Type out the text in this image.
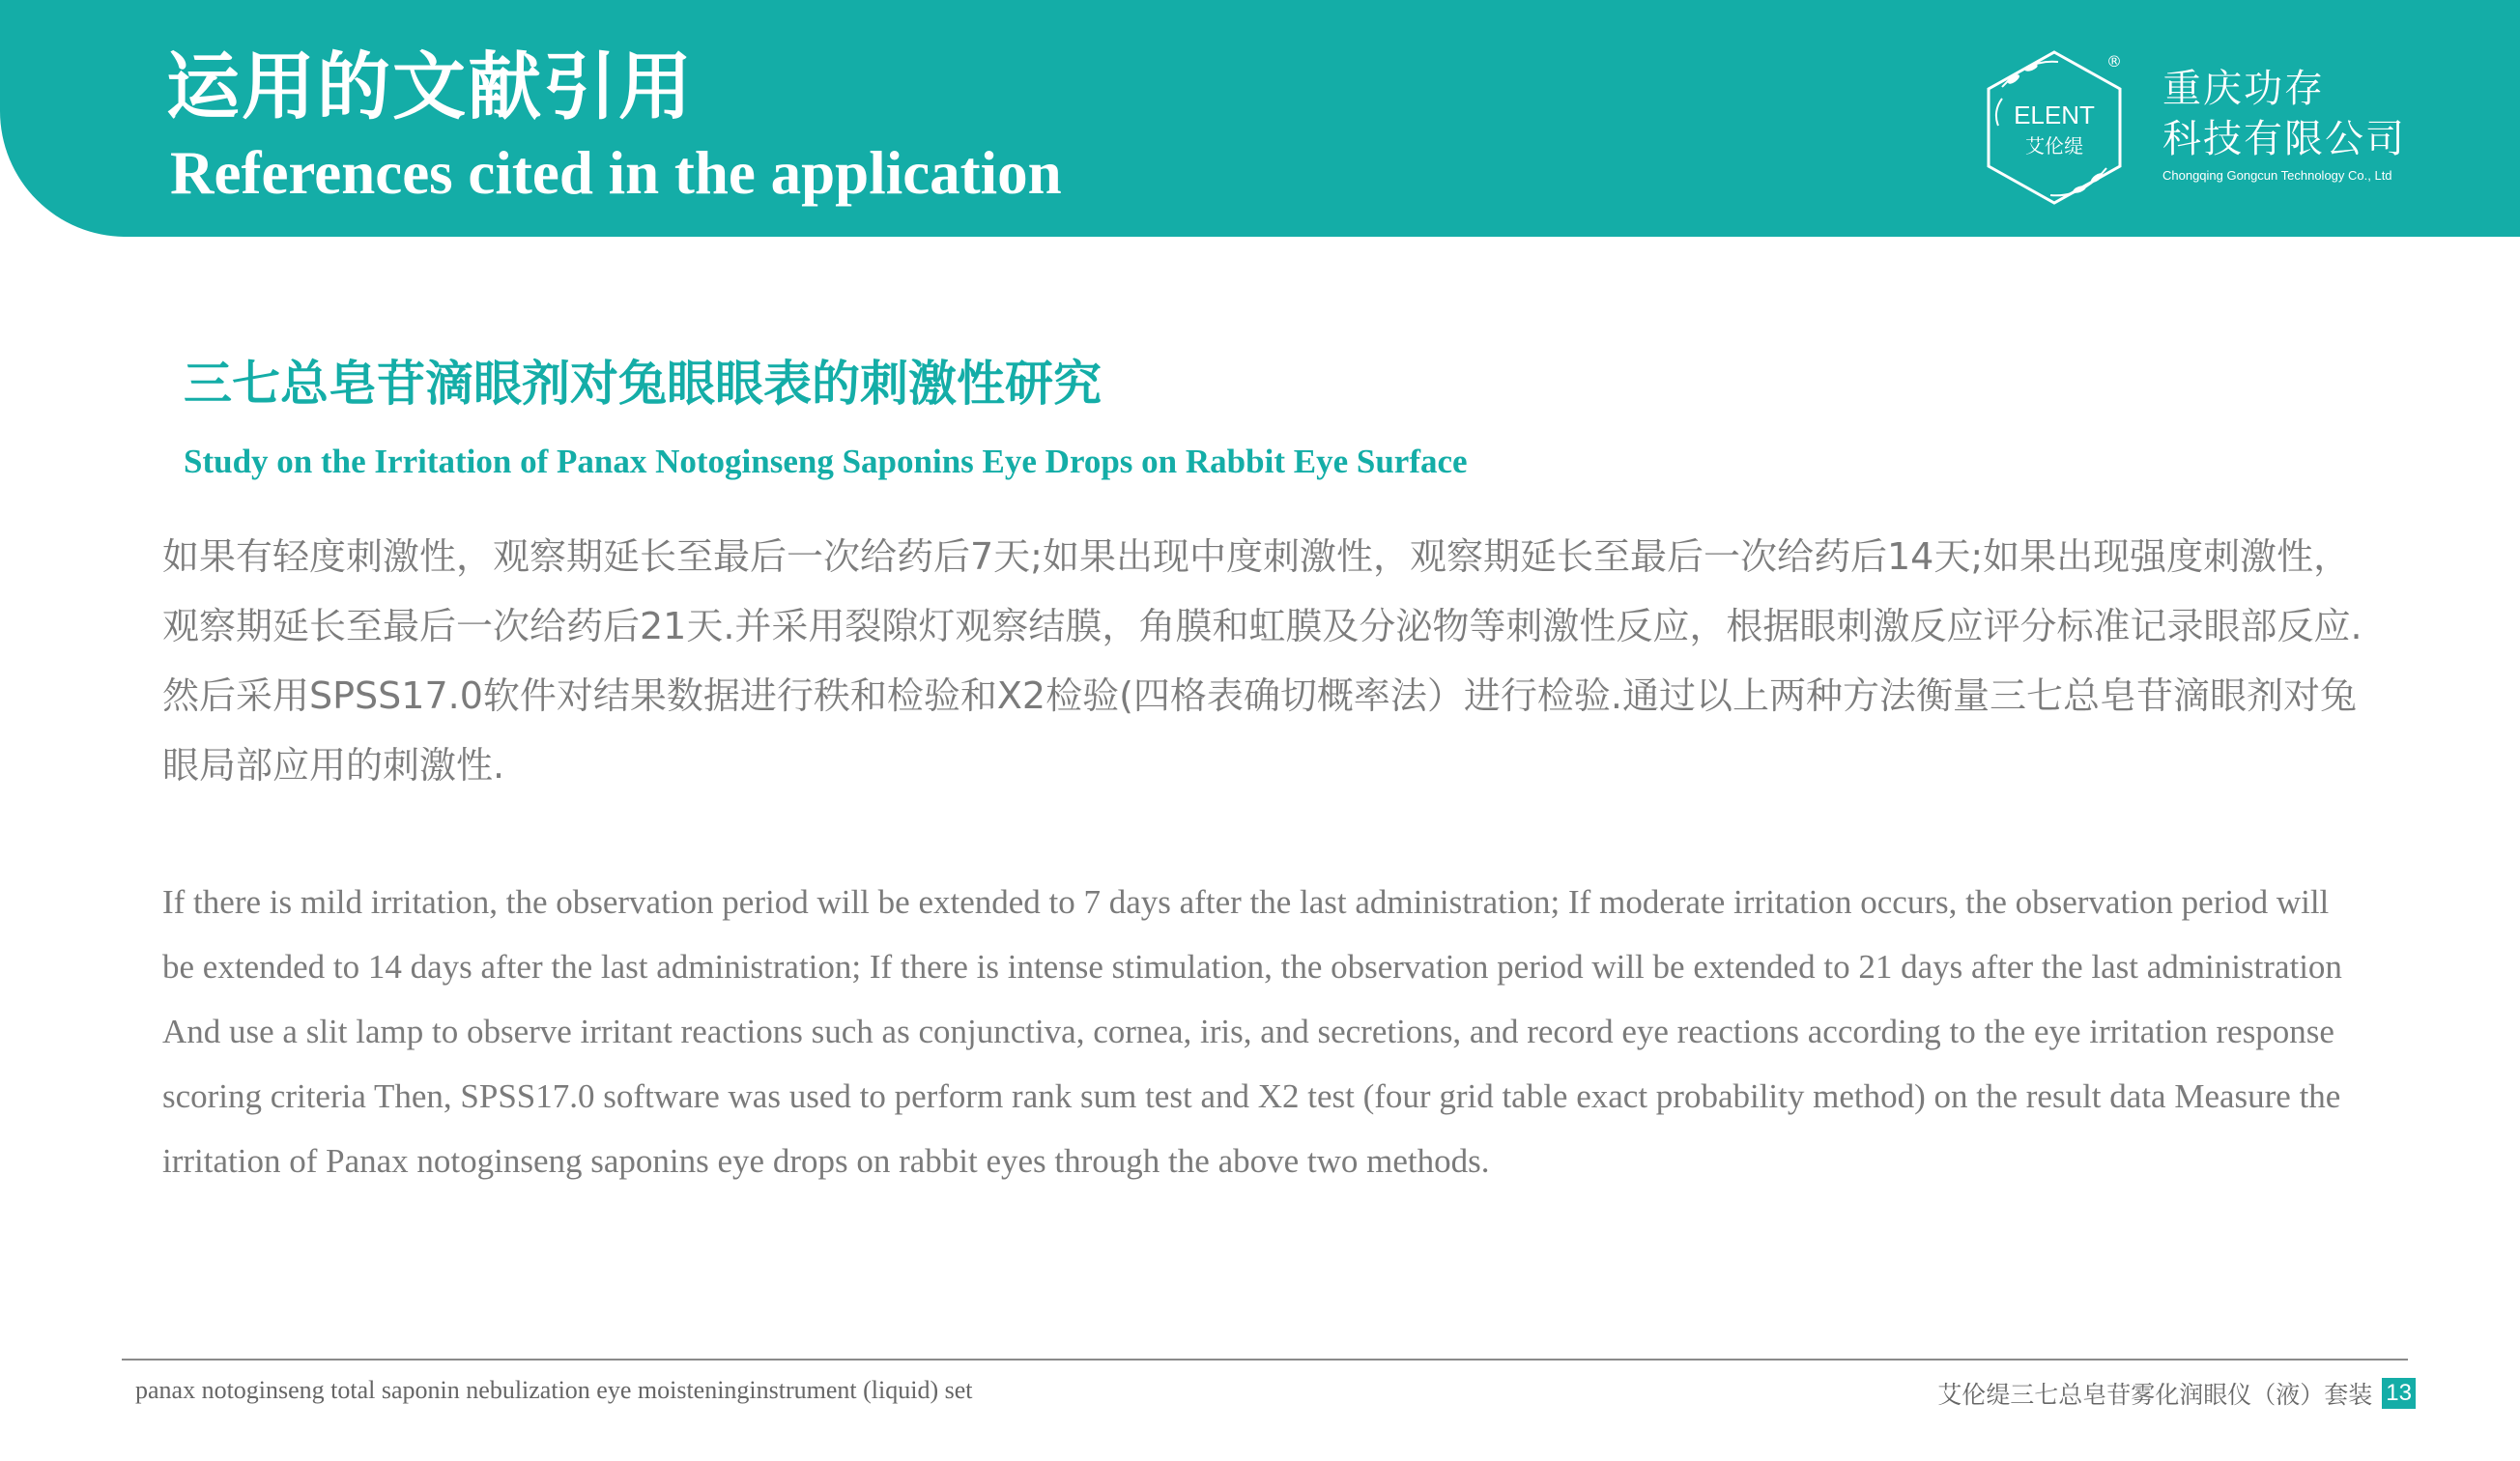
运用的文献引用
References cited in the application
ELENT
艾伦缇
®
重庆功存
科技有限公司
Chongqing Gongcun Technology Co., Ltd
三七总皂苷滴眼剂对兔眼眼表的刺激性研究
Study on the Irritation of Panax Notoginseng Saponins Eye Drops on Rabbit Eye Surface
如果有轻度刺激性，观察期延长至最后一次给药后7天;如果出现中度刺激性，观察期延长至最后一次给药后14天;如果出现强度刺激性，观察期延长至最后一次给药后21天.并采用裂隙灯观察结膜，角膜和虹膜及分泌物等刺激性反应，根据眼刺激反应评分标准记录眼部反应.然后采用SPSS17.0软件对结果数据进行秩和检验和X2检验(四格表确切概率法）进行检验.通过以上两种方法衡量三七总皂苷滴眼剂对兔眼局部应用的刺激性.
If there is mild irritation, the observation period will be extended to 7 days after the last administration; If moderate irritation occurs, the observation period will be extended to 14 days after the last administration; If there is intense stimulation, the observation period will be extended to 21 days after the last administration And use a slit lamp to observe irritant reactions such as conjunctiva, cornea, iris, and secretions, and record eye reactions according to the eye irritation response scoring criteria Then, SPSS17.0 software was used to perform rank sum test and X2 test (four grid table exact probability method) on the result data Measure the irritation of Panax notoginseng saponins eye drops on rabbit eyes through the above two methods.
panax notoginseng total saponin nebulization eye moisteninginstrument (liquid) set	艾伦缇三七总皂苷雾化润眼仪（液）套装 13
